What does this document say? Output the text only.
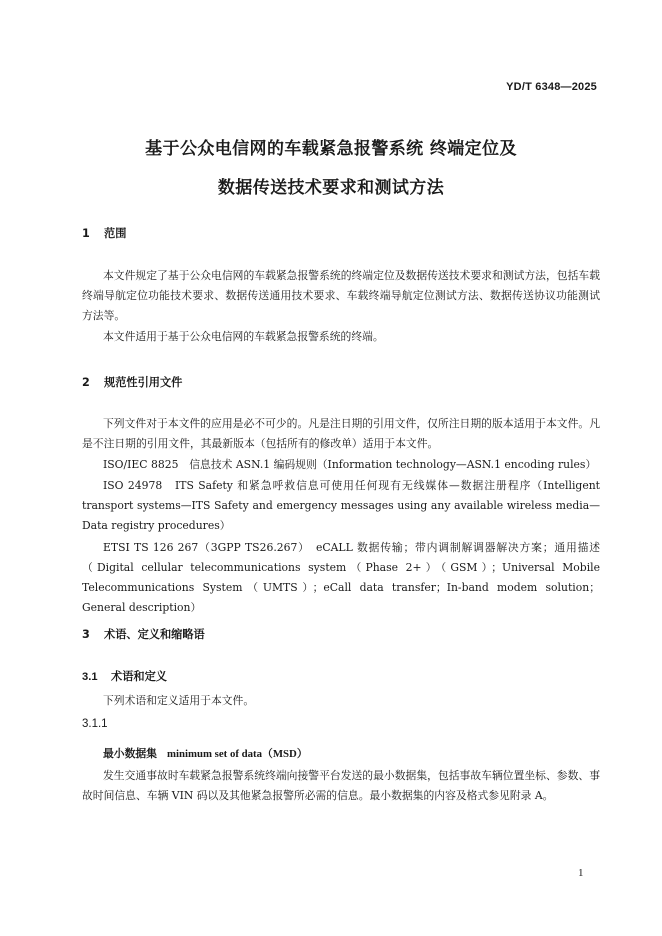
YD/T 6348—2025
基于公众电信网的车载紧急报警系统 终端定位及
数据传送技术要求和测试方法
1 范围

本文件规定了基于公众电信网的车载紧急报警系统的终端定位及数据传送技术要求和测试方法，包括车载终端导航定位功能技术要求、数据传送通用技术要求、车载终端导航定位测试方法、数据传送协议功能测试方法等。

本文件适用于基于公众电信网的车载紧急报警系统的终端。

2 规范性引用文件

下列文件对于本文件的应用是必不可少的。凡是注日期的引用文件，仅所注日期的版本适用于本文件。凡是不注日期的引用文件，其最新版本（包括所有的修改单）适用于本文件。

ISO/IEC 8825　信息技术 ASN.1 编码规则（Information technology—ASN.1 encoding rules）

ISO 24978　ITS Safety 和紧急呼救信息可使用任何现有无线媒体—数据注册程序（Intelligent transport systems—ITS Safety and emergency messages using any available wireless media—Data registry procedures）

ETSI TS 126 267（3GPP TS26.267）　eCALL 数据传输；带内调制解调器解决方案；通用描述（Digital cellular telecommunications system（Phase 2+）（GSM）；Universal Mobile Telecommunications System（UMTS）；eCall data transfer；In-band modem solution；General description）

3 术语、定义和缩略语
3.1 术语和定义

下列术语和定义适用于本文件。

3.1.1

最小数据集 minimum set of data（MSD）

发生交通事故时车载紧急报警系统终端向接警平台发送的最小数据集，包括事故车辆位置坐标、参数、事故时间信息、车辆 VIN 码以及其他紧急报警所必需的信息。最小数据集的内容及格式参见附录 A。

1
